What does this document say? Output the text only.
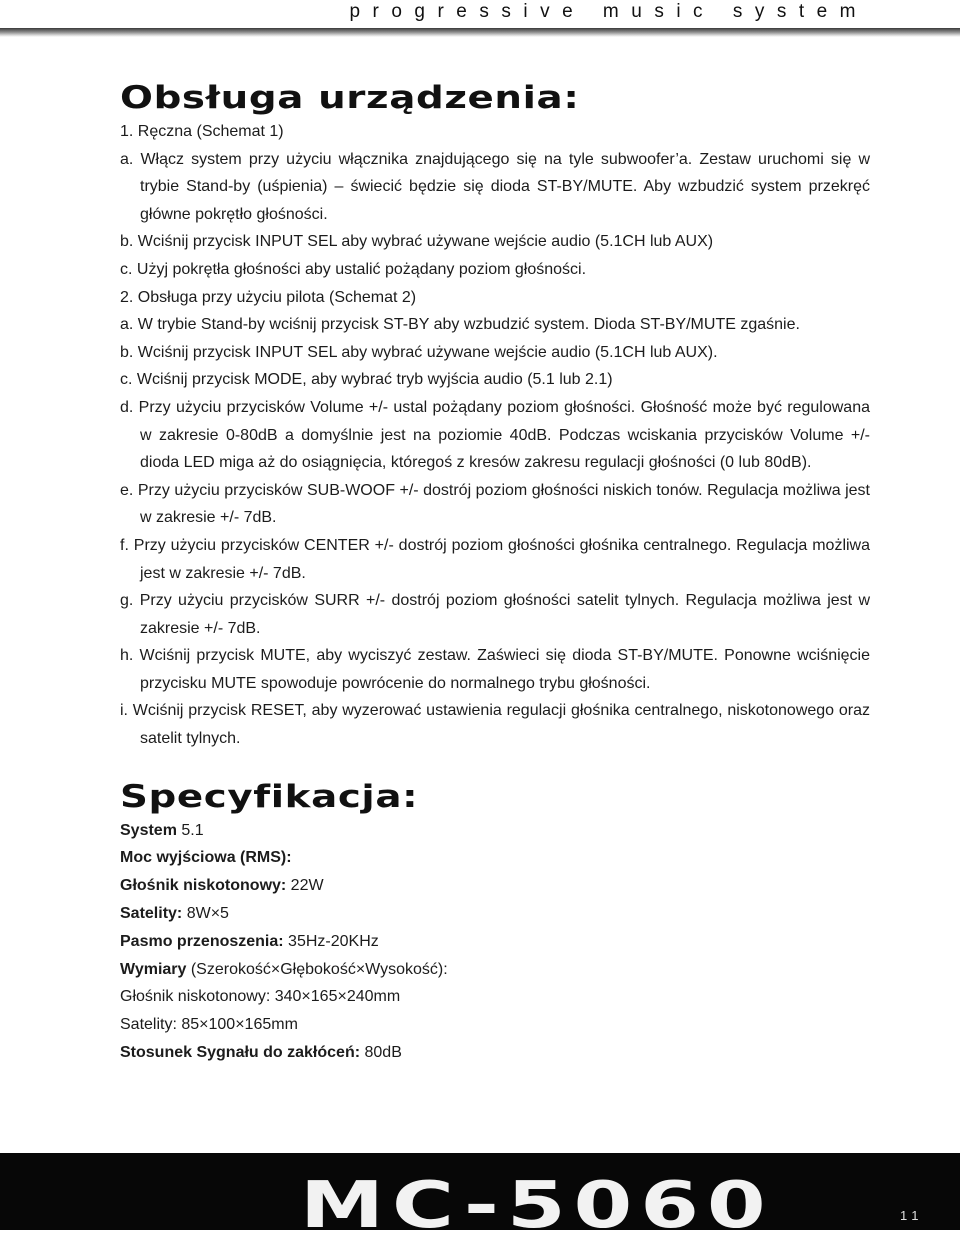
progressive music system
Obsługa urządzenia:
1. Ręczna (Schemat 1)
a. Włącz system przy użyciu włącznika znajdującego się na tyle subwoofer’a. Zestaw uruchomi się w trybie Stand-by (uśpienia) – świecić będzie się dioda ST-BY/MUTE. Aby wzbudzić system przekręć główne pokrętło głośności.
b. Wciśnij przycisk INPUT SEL aby wybrać używane wejście audio (5.1CH lub AUX)
c. Użyj pokrętła głośności aby ustalić pożądany poziom głośności.
2. Obsługa przy użyciu pilota (Schemat 2)
a. W trybie Stand-by wciśnij przycisk ST-BY aby wzbudzić system. Dioda ST-BY/MUTE zgaśnie.
b. Wciśnij przycisk INPUT SEL aby wybrać używane wejście audio (5.1CH lub AUX).
c. Wciśnij przycisk MODE, aby wybrać tryb wyjścia audio (5.1 lub 2.1)
d. Przy użyciu przycisków Volume +/- ustal pożądany poziom głośności. Głośność może być regulowana w zakresie 0-80dB a domyślnie jest na poziomie 40dB. Podczas wciskania przycisków Volume +/- dioda LED miga aż do osiągnięcia, któregoś z kresów zakresu regulacji głośności (0 lub 80dB).
e. Przy użyciu przycisków SUB-WOOF +/- dostrój poziom głośności niskich tonów. Regulacja możliwa jest w zakresie +/- 7dB.
f. Przy użyciu przycisków CENTER +/- dostrój poziom głośności głośnika centralnego. Regulacja możliwa jest w zakresie +/- 7dB.
g. Przy użyciu przycisków SURR +/- dostrój poziom głośności satelit tylnych. Regulacja możliwa jest w zakresie +/- 7dB.
h. Wciśnij przycisk MUTE, aby wyciszyć zestaw. Zaświeci się dioda ST-BY/MUTE. Ponowne wciśnięcie przycisku MUTE spowoduje powrócenie do normalnego trybu głośności.
i. Wciśnij przycisk RESET, aby wyzerować ustawienia regulacji głośnika centralnego, niskotonowego oraz satelit tylnych.
Specyfikacja:
System 5.1
Moc wyjściowa (RMS):
Głośnik niskotonowy: 22W
Satelity: 8W×5
Pasmo przenoszenia: 35Hz-20KHz
Wymiary (Szerokość×Głębokość×Wysokość):
Głośnik niskotonowy: 340×165×240mm
Satelity: 85×100×165mm
Stosunek Sygnału do zakłóceń: 80dB
MC-5060	11
